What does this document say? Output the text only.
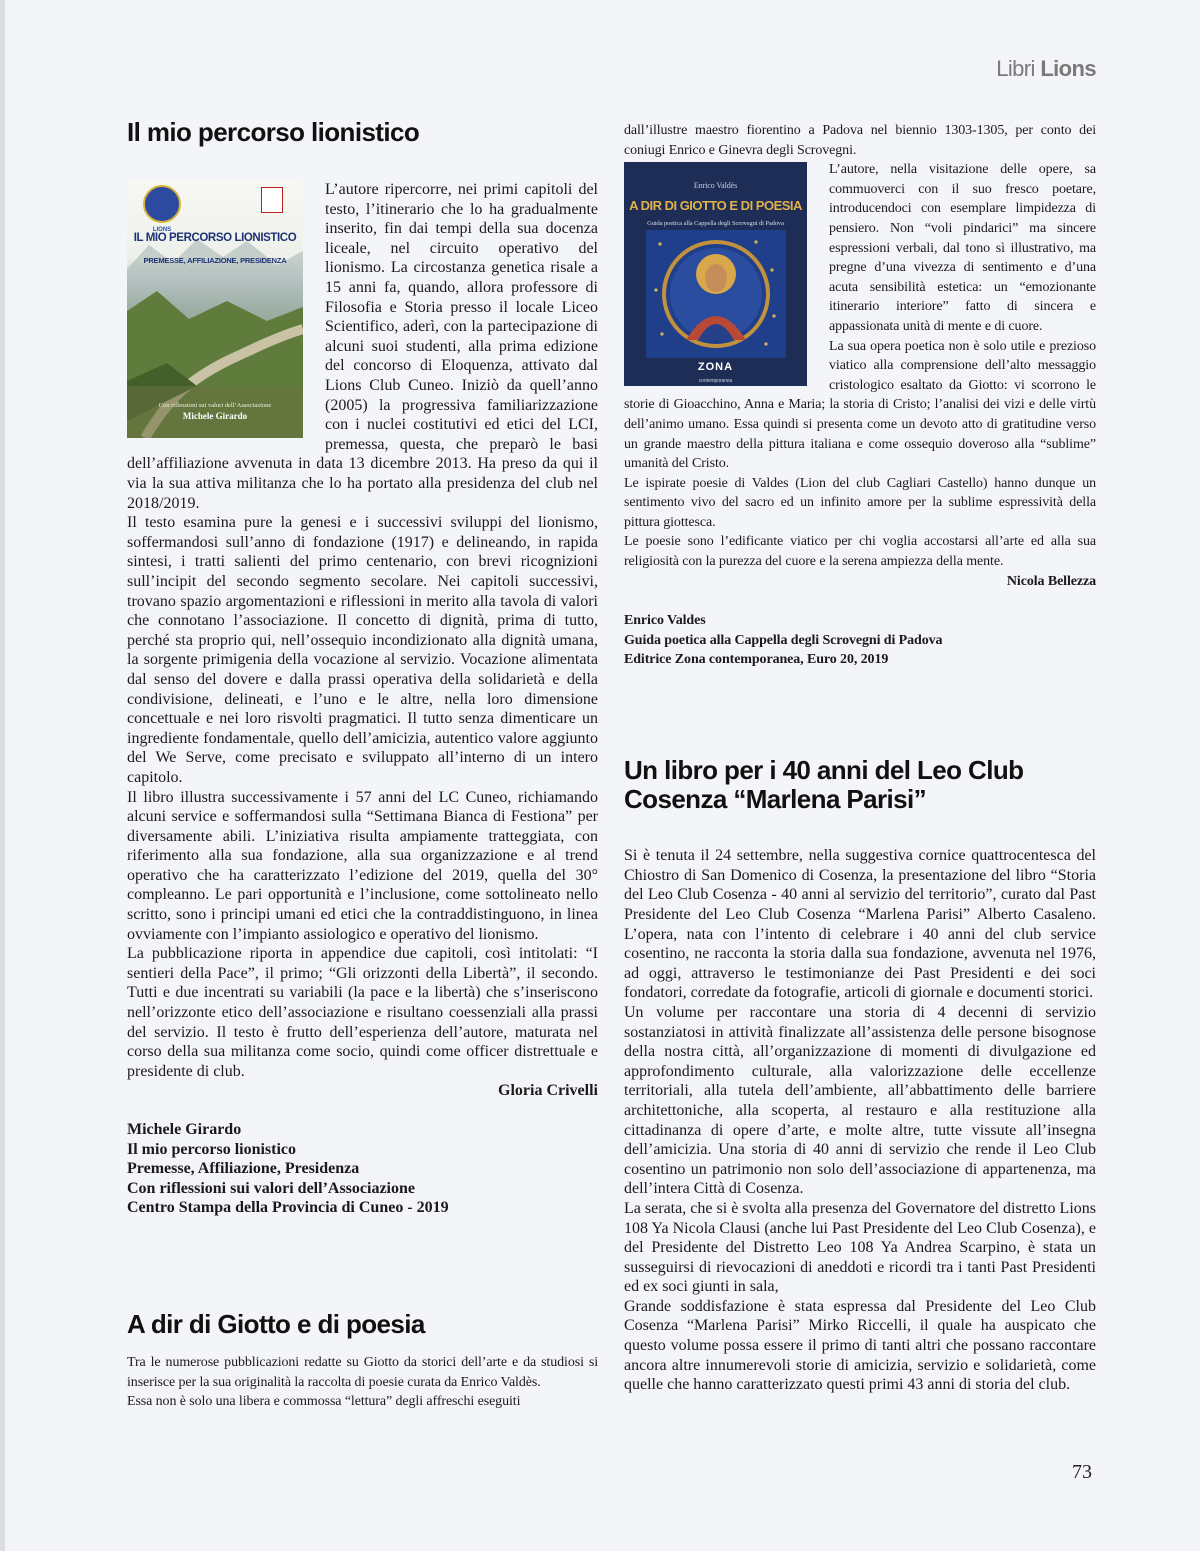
Libri Lions
Il mio percorso lionistico
LIONS
IL MIO PERCORSO LIONISTICO
PREMESSE, AFFILIAZIONE, PRESIDENZA
Con riflessioni sui valori dell’Associazione
Michele Girardo

L’autore ripercorre, nei primi capitoli del testo, l’itinerario che lo ha gradualmente inserito, fin dai tempi della sua docenza liceale, nel circuito operativo del lionismo. La circostanza genetica risale a 15 anni fa, quando, allora professore di Filosofia e Storia presso il locale Liceo Scientifico, aderì, con la partecipazione di alcuni suoi studenti, alla prima edizione del concorso di Eloquenza, attivato dal Lions Club Cuneo. Iniziò da quell’anno (2005) la progressiva familiarizzazione con i nuclei costitutivi ed etici del LCI, premessa, questa, che preparò le basi dell’affiliazione avvenuta in data 13 dicembre 2013. Ha preso da qui il via la sua attiva militanza che lo ha portato alla presidenza del club nel 2018/2019.

Il testo esamina pure la genesi e i successivi sviluppi del lionismo, soffermandosi sull’anno di fondazione (1917) e delineando, in rapida sintesi, i tratti salienti del primo centenario, con brevi ricognizioni sull’incipit del secondo segmento secolare. Nei capitoli successivi, trovano spazio argomentazioni e riflessioni in merito alla tavola di valori che connotano l’associazione. Il concetto di dignità, prima di tutto, perché sta proprio qui, nell’ossequio incondizionato alla dignità umana, la sorgente primigenia della vocazione al servizio. Vocazione alimentata dal senso del dovere e dalla prassi operativa della solidarietà e della condivisione, delineati, e l’uno e le altre, nella loro dimensione concettuale e nei loro risvolti pragmatici. Il tutto senza dimenticare un ingrediente fondamentale, quello dell’amicizia, autentico valore aggiunto del We Serve, come precisato e sviluppato all’interno di un intero capitolo.

Il libro illustra successivamente i 57 anni del LC Cuneo, richiamando alcuni service e soffermandosi sulla “Settimana Bianca di Festiona” per diversamente abili. L’iniziativa risulta ampiamente tratteggiata, con riferimento alla sua fondazione, alla sua organizzazione e al trend operativo che ha caratterizzato l’edizione del 2019, quella del 30° compleanno. Le pari opportunità e l’inclusione, come sottolineato nello scritto, sono i principi umani ed etici che la contraddistinguono, in linea ovviamente con l’impianto assiologico e operativo del lionismo.

La pubblicazione riporta in appendice due capitoli, così intitolati: “I sentieri della Pace”, il primo; “Gli orizzonti della Libertà”, il secondo. Tutti e due incentrati su variabili (la pace e la libertà) che s’inseriscono nell’orizzonte etico dell’associazione e risultano coessenziali alla prassi del servizio. Il testo è frutto dell’esperienza dell’autore, maturata nel corso della sua militanza come socio, quindi come officer distrettuale e presidente di club.

Gloria Crivelli

Michele Girardo
Il mio percorso lionistico
Premesse, Affiliazione, Presidenza
Con riflessioni sui valori dell’Associazione
Centro Stampa della Provincia di Cuneo - 2019
A dir di Giotto e di poesia

Tra le numerose pubblicazioni redatte su Giotto da storici dell’arte e da studiosi si inserisce per la sua originalità la raccolta di poesie curata da Enrico Valdès.

Essa non è solo una libera e commossa “lettura” degli affreschi eseguiti

dall’illustre maestro fiorentino a Padova nel biennio 1303-1305, per conto dei coniugi Enrico e Ginevra degli Scrovegni.

Enrico Valdès
A DIR DI GIOTTO E DI POESIA
Guida poetica alla Cappella degli Scrovegni di Padova
ZONA
contemporanea

L’autore, nella visitazione delle opere, sa commuoverci con il suo fresco poetare, introducendoci con esemplare limpidezza di pensiero. Non “voli pindarici” ma sincere espressioni verbali, dal tono sì illustrativo, ma pregne d’una vivezza di sentimento e d’una acuta sensibilità estetica: un “emozionante itinerario interiore” fatto di sincera e appassionata unità di mente e di cuore.

La sua opera poetica non è solo utile e prezioso viatico alla comprensione dell’alto messaggio cristologico esaltato da Giotto: vi scorrono le storie di Gioacchino, Anna e Maria; la storia di Cristo; l’analisi dei vizi e delle virtù dell’animo umano. Essa quindi si presenta come un devoto atto di gratitudine verso un grande maestro della pittura italiana e come ossequio doveroso alla “sublime” umanità del Cristo.

Le ispirate poesie di Valdes (Lion del club Cagliari Castello) hanno dunque un sentimento vivo del sacro ed un infinito amore per la sublime espressività della pittura giottesca.

Le poesie sono l’edificante viatico per chi voglia accostarsi all’arte ed alla sua religiosità con la purezza del cuore e la serena ampiezza della mente.

Nicola Bellezza

Enrico Valdes
Guida poetica alla Cappella degli Scrovegni di Padova
Editrice Zona contemporanea, Euro 20, 2019
Un libro per i 40 anni del Leo Club
Cosenza “Marlena Parisi”

Si è tenuta il 24 settembre, nella suggestiva cornice quattrocentesca del Chiostro di San Domenico di Cosenza, la presentazione del libro “Storia del Leo Club Cosenza - 40 anni al servizio del territorio”, curato dal Past Presidente del Leo Club Cosenza “Marlena Parisi” Alberto Casaleno. L’opera, nata con l’intento di celebrare i 40 anni del club service cosentino, ne racconta la storia dalla sua fondazione, avvenuta nel 1976, ad oggi, attraverso le testimonianze dei Past Presidenti e dei soci fondatori, corredate da fotografie, articoli di giornale e documenti storici.

Un volume per raccontare una storia di 4 decenni di servizio sostanziatosi in attività finalizzate all’assistenza delle persone bisognose della nostra città, all’organizzazione di momenti di divulgazione ed approfondimento culturale, alla valorizzazione delle eccellenze territoriali, alla tutela dell’ambiente, all’abbattimento delle barriere architettoniche, alla scoperta, al restauro e alla restituzione alla cittadinanza di opere d’arte, e molte altre, tutte vissute all’insegna dell’amicizia. Una storia di 40 anni di servizio che rende il Leo Club cosentino un patrimonio non solo dell’associazione di appartenenza, ma dell’intera Città di Cosenza.

La serata, che si è svolta alla presenza del Governatore del distretto Lions 108 Ya Nicola Clausi (anche lui Past Presidente del Leo Club Cosenza), e del Presidente del Distretto Leo 108 Ya Andrea Scarpino, è stata un susseguirsi di rievocazioni di aneddoti e ricordi tra i tanti Past Presidenti ed ex soci giunti in sala,

Grande soddisfazione è stata espressa dal Presidente del Leo Club Cosenza “Marlena Parisi” Mirko Riccelli, il quale ha auspicato che questo volume possa essere il primo di tanti altri che possano raccontare ancora altre innumerevoli storie di amicizia, servizio e solidarietà, come quelle che hanno caratterizzato questi primi 43 anni di storia del club.

73
